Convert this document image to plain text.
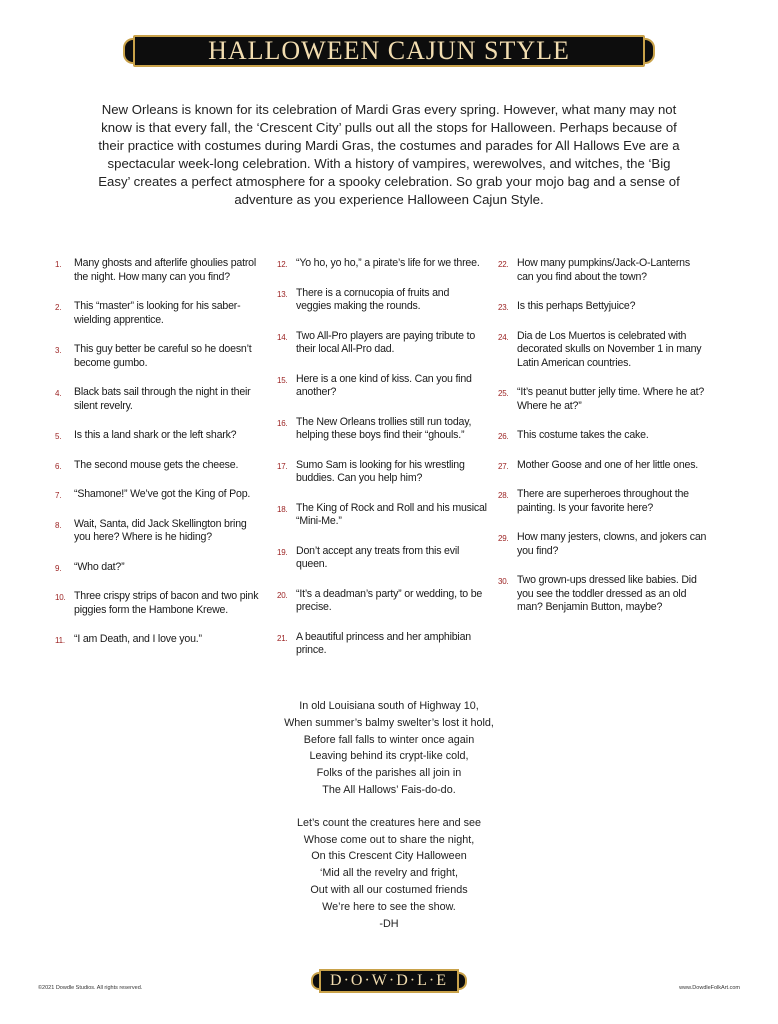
HALLOWEEN CAJUN STYLE
New Orleans is known for its celebration of Mardi Gras every spring. However, what many may not know is that every fall, the ‘Crescent City’ pulls out all the stops for Halloween. Perhaps because of their practice with costumes during Mardi Gras, the costumes and parades for All Hallows Eve are a spectacular week-long celebration. With a history of vampires, werewolves, and witches, the ‘Big Easy’ creates a perfect atmosphere for a spooky celebration. So grab your mojo bag and a sense of adventure as you experience Halloween Cajun Style.
1. Many ghosts and afterlife ghoulies patrol the night. How many can you find?
2. This “master” is looking for his saber-wielding apprentice.
3. This guy better be careful so he doesn’t become gumbo.
4. Black bats sail through the night in their silent revelry.
5. Is this a land shark or the left shark?
6. The second mouse gets the cheese.
7. “Shamone!” We’ve got the King of Pop.
8. Wait, Santa, did Jack Skellington bring you here? Where is he hiding?
9. “Who dat?”
10. Three crispy strips of bacon and two pink piggies form the Hambone Krewe.
11. “I am Death, and I love you.”
12. “Yo ho, yo ho,” a pirate’s life for we three.
13. There is a cornucopia of fruits and veggies making the rounds.
14. Two All-Pro players are paying tribute to their local All-Pro dad.
15. Here is a one kind of kiss. Can you find another?
16. The New Orleans trollies still run today, helping these boys find their “ghouls.”
17. Sumo Sam is looking for his wrestling buddies. Can you help him?
18. The King of Rock and Roll and his musical “Mini-Me.”
19. Don’t accept any treats from this evil queen.
20. “It’s a deadman’s party” or wedding, to be precise.
21. A beautiful princess and her amphibian prince.
22. How many pumpkins/Jack-O-Lanterns can you find about the town?
23. Is this perhaps Bettyjuice?
24. Dia de Los Muertos is celebrated with decorated skulls on November 1 in many Latin American countries.
25. “It’s peanut butter jelly time. Where he at? Where he at?”
26. This costume takes the cake.
27. Mother Goose and one of her little ones.
28. There are superheroes throughout the painting. Is your favorite here?
29. How many jesters, clowns, and jokers can you find?
30. Two grown-ups dressed like babies. Did you see the toddler dressed as an old man? Benjamin Button, maybe?
In old Louisiana south of Highway 10,
When summer’s balmy swelter’s lost it hold,
Before fall falls to winter once again
Leaving behind its crypt-like cold,
Folks of the parishes all join in
The All Hallows’ Fais-do-do.
Let’s count the creatures here and see
Whose come out to share the night,
On this Crescent City Halloween
‘Mid all the revelry and fright,
Out with all our costumed friends
We’re here to see the show.
-DH
©2021 Dowdle Studios. All rights reserved.	D·O·W·D·L·E	www.DowdleFolkArt.com
